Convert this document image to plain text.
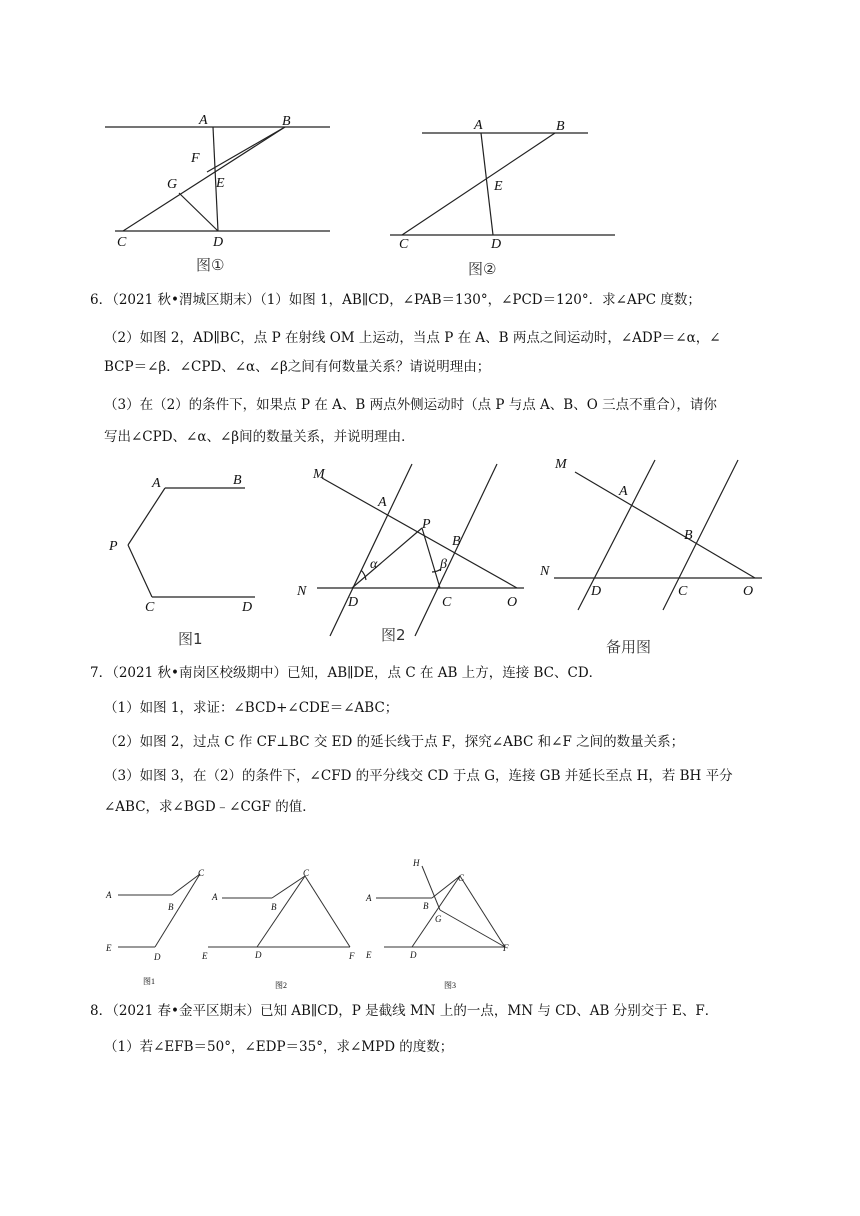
A	B
F
G	E
C	D
图①
A	B
E
C	D
图②
6．（2021 秋•渭城区期末）（1）如图 1，AB∥CD，∠PAB＝130°，∠PCD＝120°．求∠APC 度数；
（2）如图 2，AD∥BC，点 P 在射线 OM 上运动，当点 P 在 A、B 两点之间运动时，∠ADP＝∠α，∠
BCP＝∠β．∠CPD、∠α、∠β之间有何数量关系？请说明理由；
（3）在（2）的条件下，如果点 P 在 A、B 两点外侧运动时（点 P 与点 A、B、O 三点不重合），请你
写出∠CPD、∠α、∠β间的数量关系，并说明理由．
A	B
P
C	D
图1
M
A
P
B
α	β
N
D	C	O
图2
M
A
B
N
D	C	O
备用图
7．（2021 秋•南岗区校级期中）已知，AB∥DE，点 C 在 AB 上方，连接 BC、CD．
（1）如图 1，求证：∠BCD+∠CDE＝∠ABC；
（2）如图 2，过点 C 作 CF⊥BC 交 ED 的延长线于点 F，探究∠ABC 和∠F 之间的数量关系；
（3）如图 3，在（2）的条件下，∠CFD 的平分线交 CD 于点 G，连接 GB 并延长至点 H，若 BH 平分
∠ABC，求∠BGD﹣∠CGF 的值．
A
B
C
E
D
图1
A
B
C
E	D	F
图2
H
A
B
C
G
E	D
F
图3
8．（2021 春•金平区期末）已知 AB∥CD，P 是截线 MN 上的一点，MN 与 CD、AB 分别交于 E、F．
（1）若∠EFB＝50°，∠EDP＝35°，求∠MPD 的度数；
